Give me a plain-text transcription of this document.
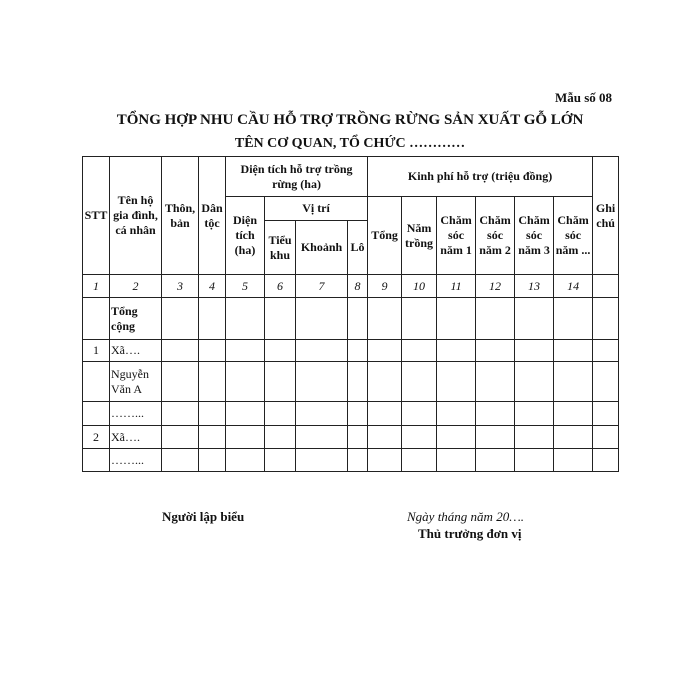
Mẫu số 08
TỔNG HỢP NHU CẦU HỖ TRỢ TRỒNG RỪNG SẢN XUẤT GỖ LỚN
TÊN CƠ QUAN, TỔ CHỨC …………
STT	Tên hộ gia đình, cá nhân	Thôn, bản	Dân tộc	Diện tích hỗ trợ trồng rừng (ha)				Kinh phí hỗ trợ (triệu đồng)						Ghi chú
				Diện tích (ha)	Vị trí			Tổng	Năm trồng	Chăm sóc năm 1	Chăm sóc năm 2	Chăm sóc năm 3	Chăm sóc năm ...	
					Tiểu khu	Khoảnh	Lô							
1	2	3	4	5	6	7	8	9	10	11	12	13	14	
	Tổng cộng													
1	Xã….													
	Nguyễn Văn A													
	……...													
2	Xã….													
	……...													
Người lập biểu	Ngày tháng năm 20….
Thủ trưởng đơn vị
